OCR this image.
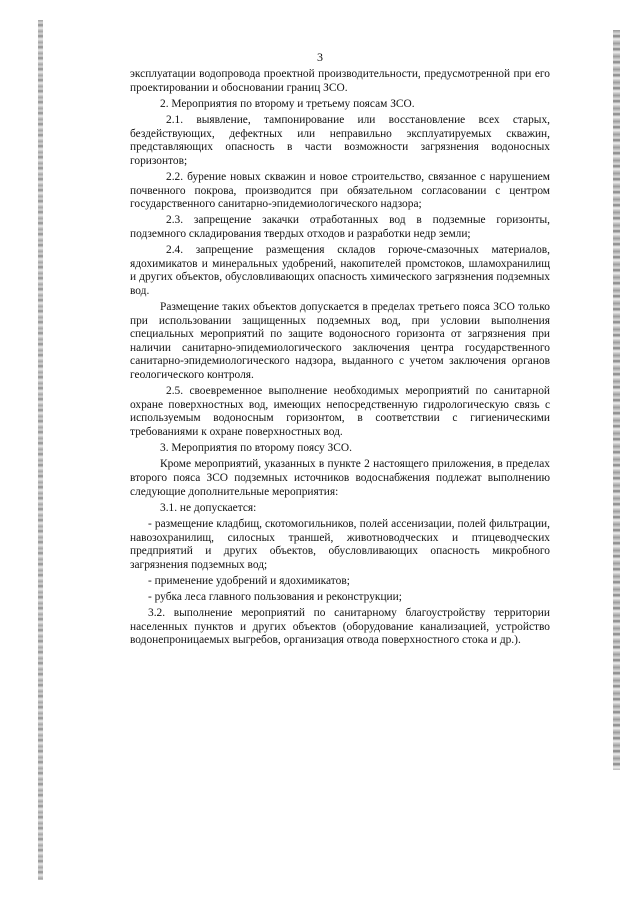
3

эксплуатации водопровода проектной производительности, предусмотренной при его проектировании и обосновании границ ЗСО.

2. Мероприятия по второму и третьему поясам ЗСО.

2.1. выявление, тампонирование или восстановление всех старых, бездействующих, дефектных или неправильно эксплуатируемых скважин, представляющих опасность в части возможности загрязнения водоносных горизонтов;

2.2. бурение новых скважин и новое строительство, связанное с нарушением почвенного покрова, производится при обязательном согласовании с центром государственного санитарно-эпидемиологического надзора;

2.3. запрещение закачки отработанных вод в подземные горизонты, подземного складирования твердых отходов и разработки недр земли;

2.4. запрещение размещения складов горюче-смазочных материалов, ядохимикатов и минеральных удобрений, накопителей промстоков, шламохранилищ и других объектов, обусловливающих опасность химического загрязнения подземных вод.

Размещение таких объектов допускается в пределах третьего пояса ЗСО только при использовании защищенных подземных вод, при условии выполнения специальных мероприятий по защите водоносного горизонта от загрязнения при наличии санитарно-эпидемиологического заключения центра государственного санитарно-эпидемиологического надзора, выданного с учетом заключения органов геологического контроля.

2.5. своевременное выполнение необходимых мероприятий по санитарной охране поверхностных вод, имеющих непосредственную гидрологическую связь с используемым водоносным горизонтом, в соответствии с гигиеническими требованиями к охране поверхностных вод.

3. Мероприятия по второму поясу ЗСО.

Кроме мероприятий, указанных в пункте 2 настоящего приложения, в пределах второго пояса ЗСО подземных источников водоснабжения подлежат выполнению следующие дополнительные мероприятия:

3.1. не допускается:

- размещение кладбищ, скотомогильников, полей ассенизации, полей фильтрации, навозохранилищ, силосных траншей, животноводческих и птицеводческих предприятий и других объектов, обусловливающих опасность микробного загрязнения подземных вод;

- применение удобрений и ядохимикатов;

- рубка леса главного пользования и реконструкции;

3.2. выполнение мероприятий по санитарному благоустройству территории населенных пунктов и других объектов (оборудование канализацией, устройство водонепроницаемых выгребов, организация отвода поверхностного стока и др.).
